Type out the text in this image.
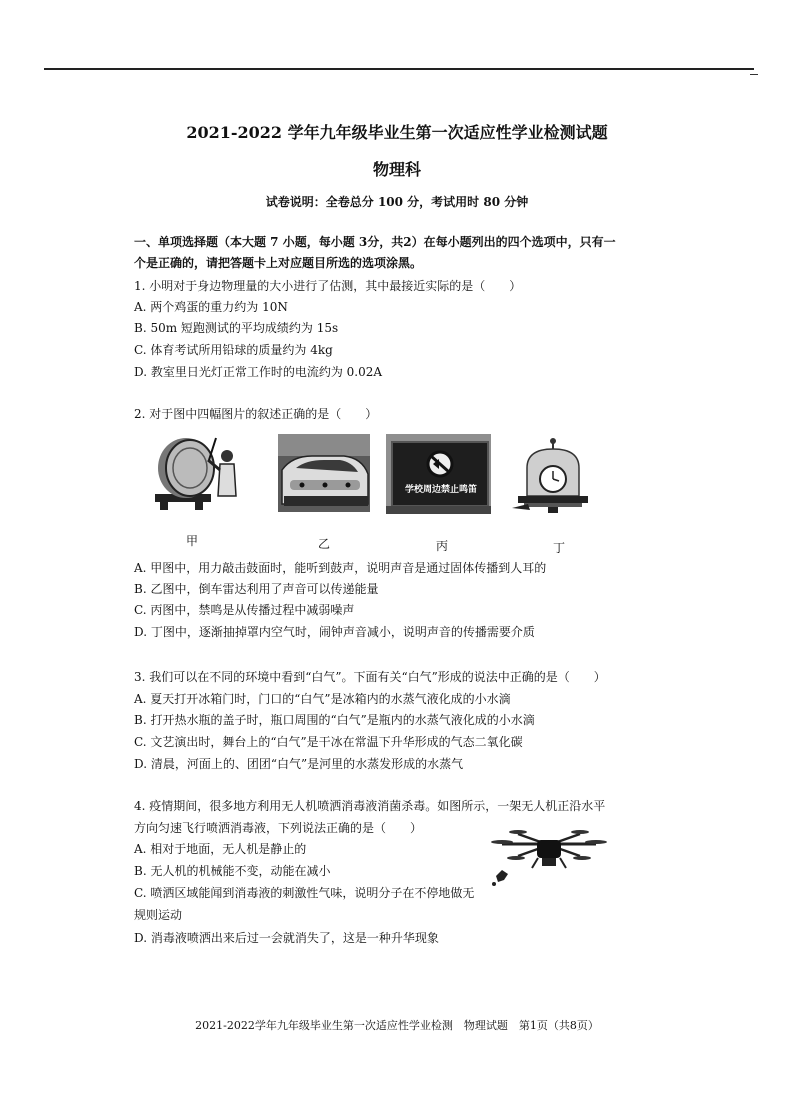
2021-2022 学年九年级毕业生第一次适应性学业检测试题
物理科
试卷说明：全卷总分 100 分，考试用时 80 分钟
一、单项选择题（本大题 7 小题，每小题 3分，共2）在每小题列出的四个选项中，只有一
个是正确的，请把答题卡上对应题目所选的选项涂黑。
1. 小明对于身边物理量的大小进行了估测，其中最接近实际的是（　　）
A. 两个鸡蛋的重力约为 10N
B. 50m 短跑测试的平均成绩约为 15s
C. 体育考试所用铅球的质量约为 4kg
D. 教室里日光灯正常工作时的电流约为 0.02A
2. 对于图中四幅图片的叙述正确的是（　　）
学校周边禁止鸣笛
甲	乙	丙	丁
A. 甲图中，用力敲击鼓面时，能听到鼓声，说明声音是通过固体传播到人耳的
B. 乙图中，倒车雷达利用了声音可以传递能量
C. 丙图中，禁鸣是从传播过程中减弱噪声
D. 丁图中，逐渐抽掉罩内空气时，闹钟声音减小，说明声音的传播需要介质
3. 我们可以在不同的环境中看到“白气”。下面有关“白气”形成的说法中正确的是（　　）
A. 夏天打开冰箱门时，门口的“白气”是冰箱内的水蒸气液化成的小水滴
B. 打开热水瓶的盖子时，瓶口周围的“白气”是瓶内的水蒸气液化成的小水滴
C. 文艺演出时，舞台上的“白气”是干冰在常温下升华形成的气态二氧化碳
D. 清晨，河面上的、团团“白气”是河里的水蒸发形成的水蒸气
4. 疫情期间，很多地方利用无人机喷洒消毒液消菌杀毒。如图所示，一架无人机正沿水平
方向匀速飞行喷洒消毒液，下列说法正确的是（　　）
A. 相对于地面，无人机是静止的
B. 无人机的机械能不变，动能在减小
C. 喷洒区域能闻到消毒液的刺激性气味，说明分子在不停地做无
规则运动
D. 消毒液喷洒出来后过一会就消失了，这是一种升华现象
2021-2022学年九年级毕业生第一次适应性学业检测　物理试题　第1页（共8页）
